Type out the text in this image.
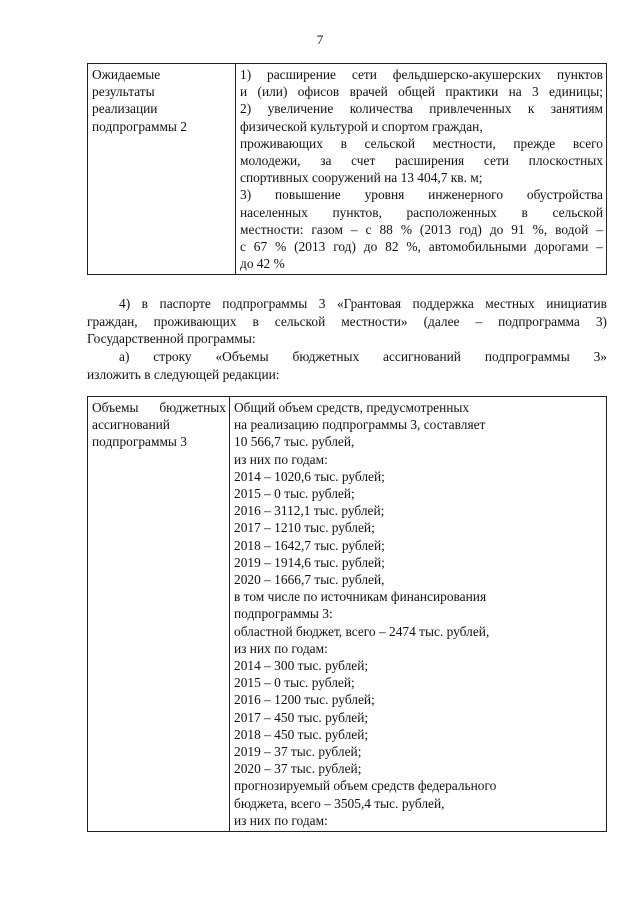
7
Ожидаемые
результаты
реализации
подпрограммы 2

1) расширение сети фельдшерско-акушерских пунктов
и (или) офисов врачей общей практики на 3 единицы;
2) увеличение количества привлеченных к занятиям
физической культурой и спортом граждан,
проживающих в сельской местности, прежде всего
молодежи, за счет расширения сети плоскостных
спортивных сооружений на 13 404,7 кв. м;
3) повышение уровня инженерного обустройства
населенных пунктов, расположенных в сельской
местности: газом – с 88 % (2013 год) до 91 %, водой –
с 67 % (2013 год) до 82 %, автомобильными дорогами –
до 42 %
4) в паспорте подпрограммы 3 «Грантовая поддержка местных инициатив
граждан, проживающих в сельской местности» (далее – подпрограмма 3)
Государственной программы:
а) строку «Объемы бюджетных ассигнований подпрограммы 3»
изложить в следующей редакции:
Объемы бюджетных
ассигнований
подпрограммы 3

Общий объем средств, предусмотренных
на реализацию подпрограммы 3, составляет
10 566,7 тыс. рублей,
из них по годам:
2014 – 1020,6 тыс. рублей;
2015 – 0 тыс. рублей;
2016 – 3112,1 тыс. рублей;
2017 – 1210 тыс. рублей;
2018 – 1642,7 тыс. рублей;
2019 – 1914,6 тыс. рублей;
2020 – 1666,7 тыс. рублей,
в том числе по источникам финансирования
подпрограммы 3:
областной бюджет, всего – 2474 тыс. рублей,
из них по годам:
2014 – 300 тыс. рублей;
2015 – 0 тыс. рублей;
2016 – 1200 тыс. рублей;
2017 – 450 тыс. рублей;
2018 – 450 тыс. рублей;
2019 – 37 тыс. рублей;
2020 – 37 тыс. рублей;
прогнозируемый объем средств федерального
бюджета, всего – 3505,4 тыс. рублей,
из них по годам:
